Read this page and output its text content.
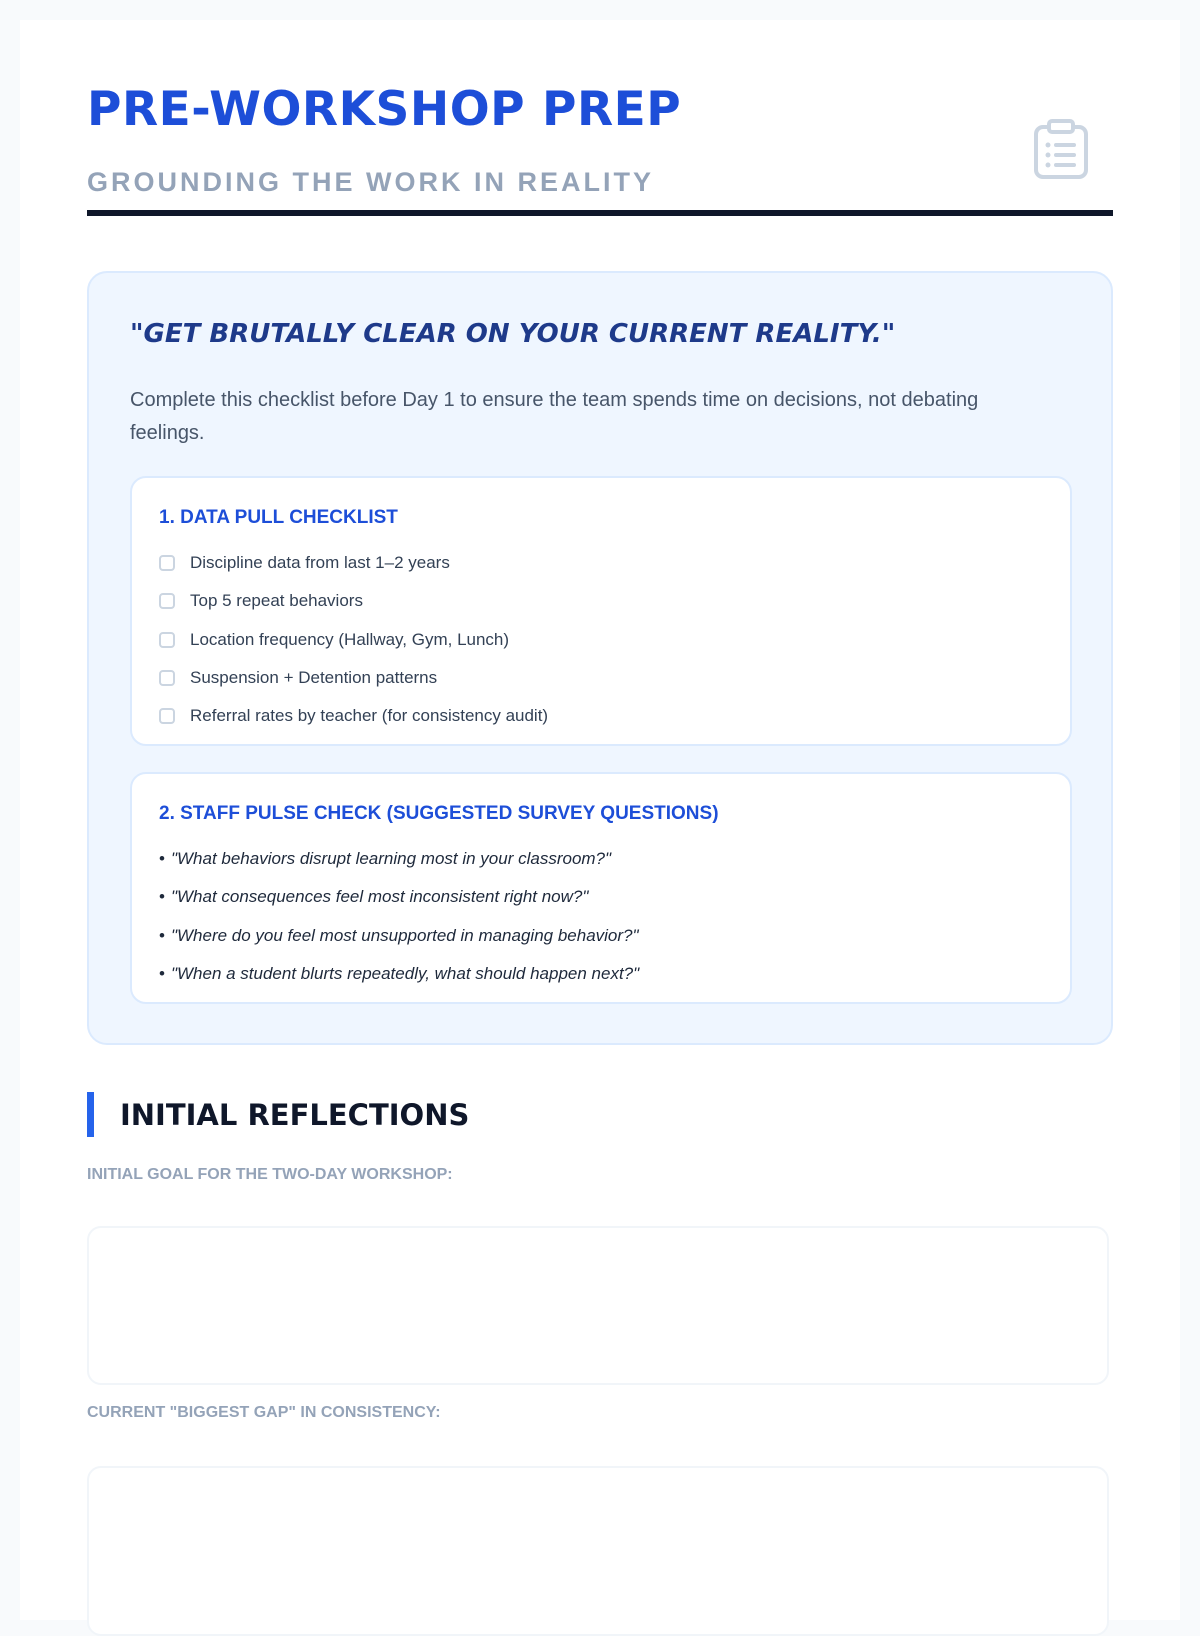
PRE-WORKSHOP PREP
GROUNDING THE WORK IN REALITY
"GET BRUTALLY CLEAR ON YOUR CURRENT REALITY."

Complete this checklist before Day 1 to ensure the team spends time on decisions, not debating feelings.

1. DATA PULL CHECKLIST
Discipline data from last 1–2 years
Top 5 repeat behaviors
Location frequency (Hallway, Gym, Lunch)
Suspension + Detention patterns
Referral rates by teacher (for consistency audit)
2. STAFF PULSE CHECK (SUGGESTED SURVEY QUESTIONS)
• "What behaviors disrupt learning most in your classroom?"
• "What consequences feel most inconsistent right now?"
• "Where do you feel most unsupported in managing behavior?"
• "When a student blurts repeatedly, what should happen next?"
INITIAL REFLECTIONS
INITIAL GOAL FOR THE TWO-DAY WORKSHOP:
CURRENT "BIGGEST GAP" IN CONSISTENCY:
